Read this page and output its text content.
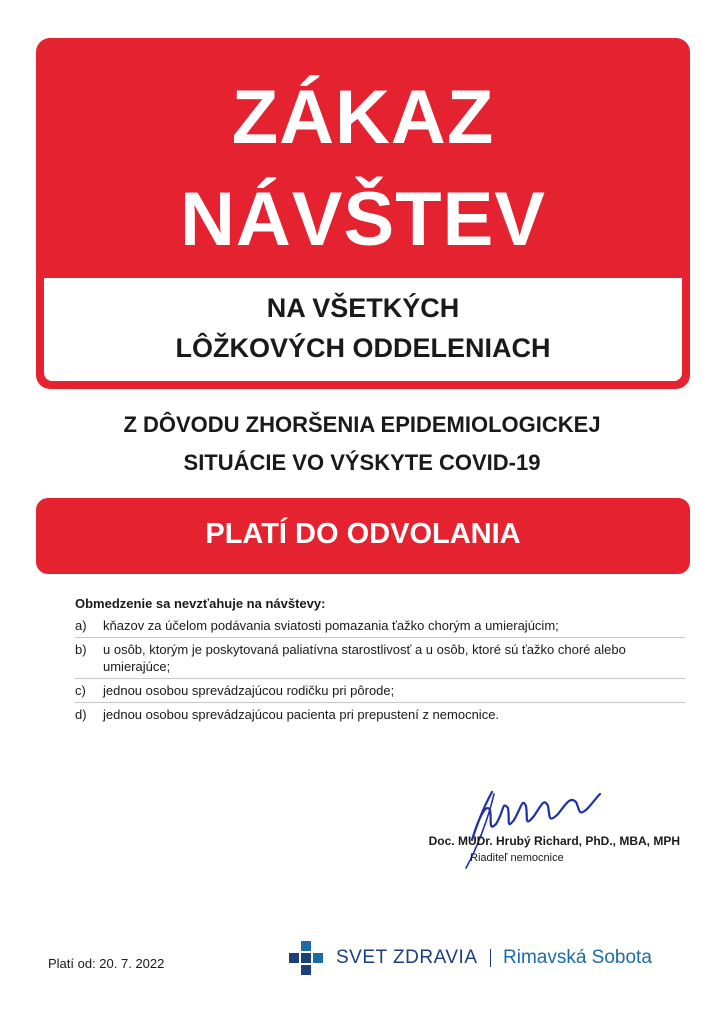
ZÁKAZ
NÁVŠTEV
NA VŠETKÝCH
LÔŽKOVÝCH ODDELENIACH
Z DÔVODU ZHORŠENIA EPIDEMIOLOGICKEJ
SITUÁCIE VO VÝSKYTE COVID-19
PLATÍ DO ODVOLANIA
Obmedzenie sa nevzťahuje na návštevy:
a)	kňazov za účelom podávania sviatosti pomazania ťažko chorým a umierajúcim;
b)	u osôb, ktorým je poskytovaná paliatívna starostlivosť a u osôb, ktoré sú ťažko choré alebo umierajúce;
c)	jednou osobou sprevádzajúcou rodičku pri pôrode;
d)	jednou osobou sprevádzajúcou pacienta pri prepustení z nemocnice.
Doc. MUDr. Hrubý Richard, PhD., MBA, MPH
Riaditeľ nemocnice
Platí od: 20. 7. 2022	SVET ZDRAVIA Rimavská Sobota
